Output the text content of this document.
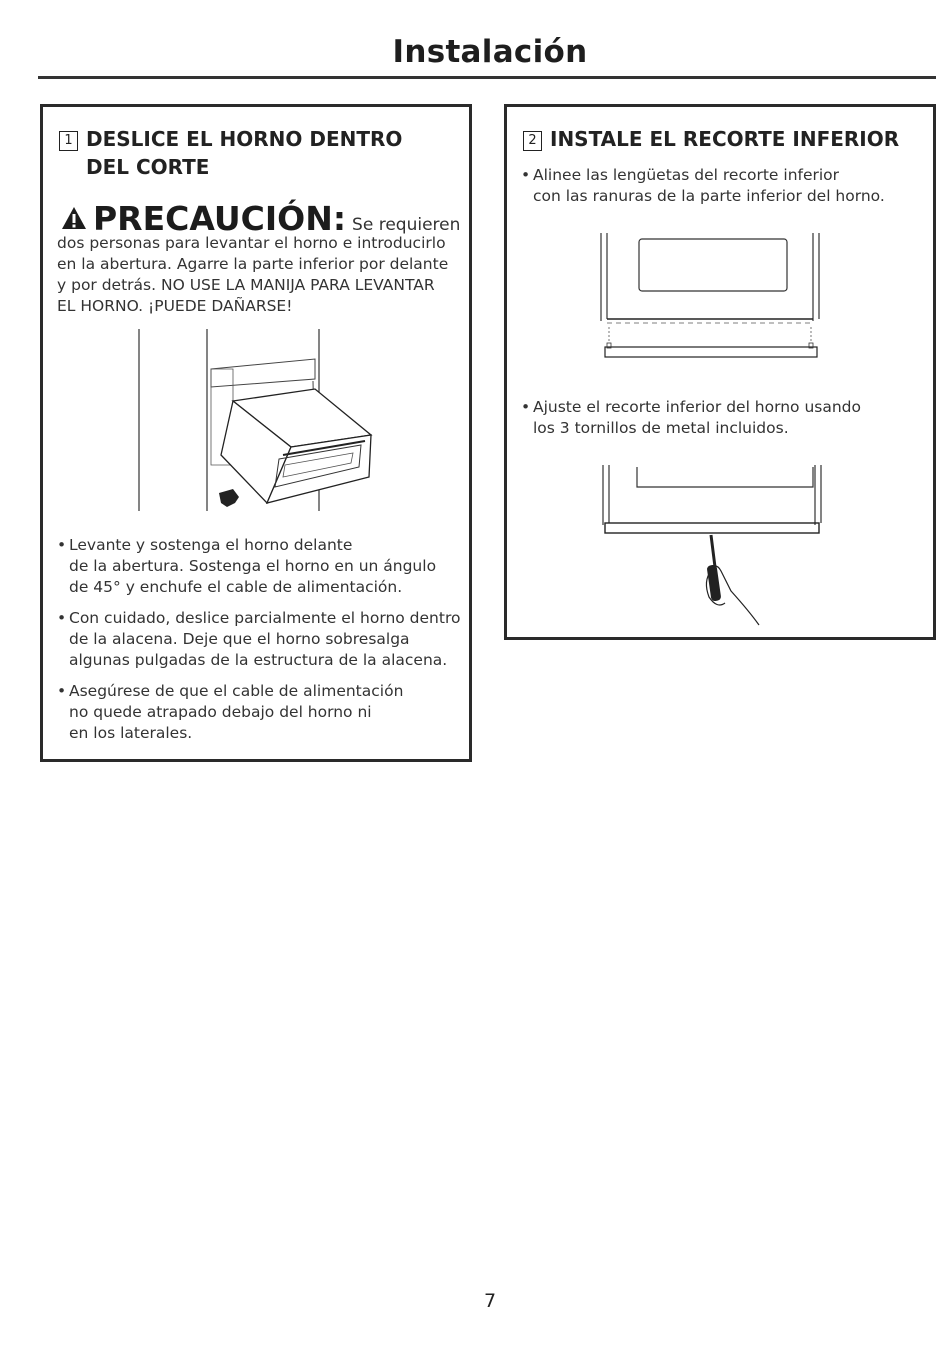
Instalación
1 DESLICE EL HORNO DENTRO
DEL CORTE
PRECAUCIÓN: Se requieren
dos personas para levantar el horno e introducirlo
en la abertura. Agarre la parte inferior por delante
y por detrás. NO USE LA MANIJA PARA LEVANTAR
EL HORNO. ¡PUEDE DAÑARSE!
• Levante y sostenga el horno delante
de la abertura. Sostenga el horno en un ángulo
de 45° y enchufe el cable de alimentación.
• Con cuidado, deslice parcialmente el horno dentro
de la alacena. Deje que el horno sobresalga
algunas pulgadas de la estructura de la alacena.
• Asegúrese de que el cable de alimentación
no quede atrapado debajo del horno ni
en los laterales.
2 INSTALE EL RECORTE INFERIOR
• Alinee las lengüetas del recorte inferior
con las ranuras de la parte inferior del horno.
• Ajuste el recorte inferior del horno usando
los 3 tornillos de metal incluidos.
7
